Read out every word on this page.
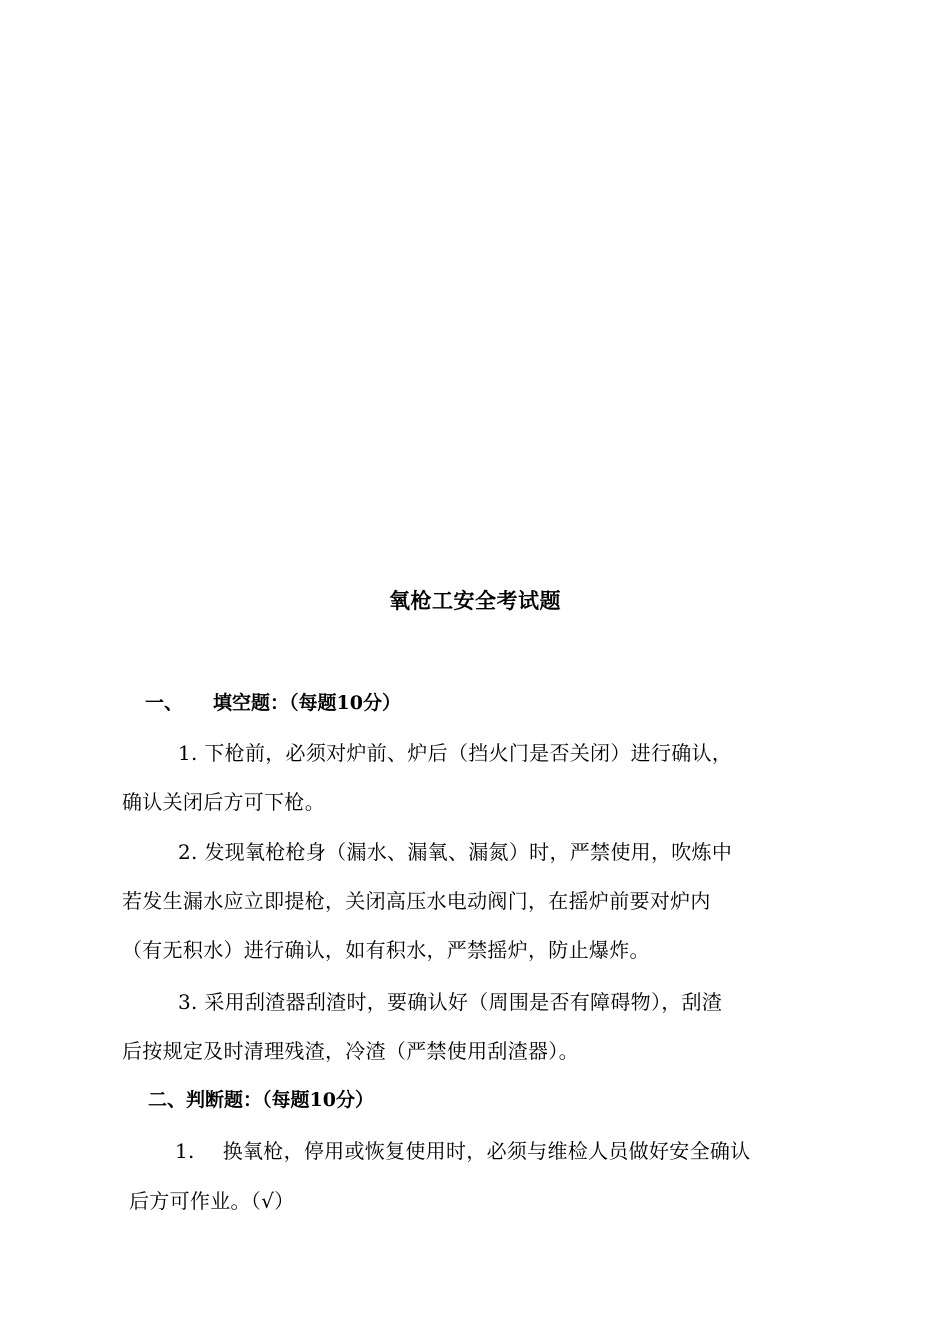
氧枪工安全考试题
一、 填空题：（每题10分）
1. 下枪前，必须对炉前、炉后（挡火门是否关闭）进行确认，
确认关闭后方可下枪。
2. 发现氧枪枪身（漏水、漏氧、漏氮）时，严禁使用，吹炼中
若发生漏水应立即提枪，关闭高压水电动阀门，在摇炉前要对炉内
（有无积水）进行确认，如有积水，严禁摇炉，防止爆炸。
3. 采用刮渣器刮渣时，要确认好（周围是否有障碍物），刮渣
后按规定及时清理残渣，冷渣（严禁使用刮渣器）。
二、判断题：（每题10分）
1. 换氧枪，停用或恢复使用时，必须与维检人员做好安全确认
后方可作业。（√）
